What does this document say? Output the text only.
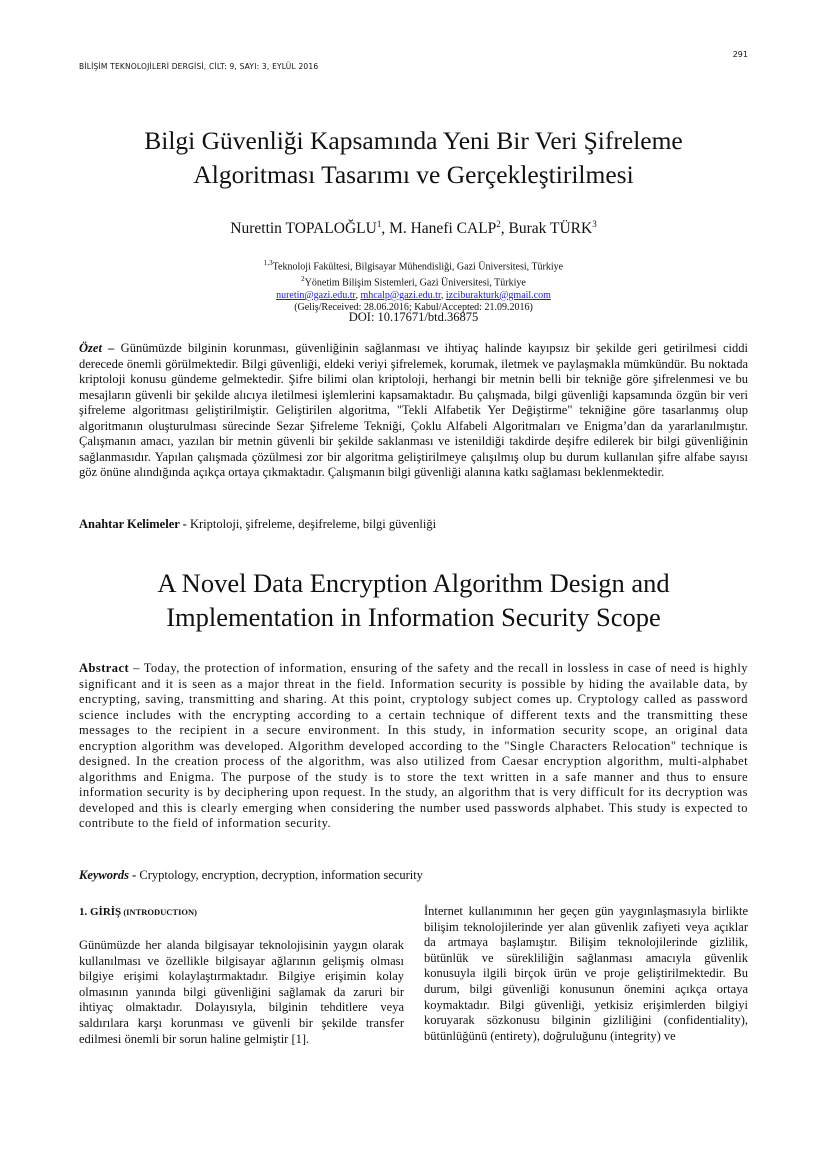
BİLİŞİM TEKNOLOJİLERİ DERGİSİ, CİLT: 9, SAYI: 3, EYLÜL 2016
291
Bilgi Güvenliği Kapsamında Yeni Bir Veri Şifreleme
Algoritması Tasarımı ve Gerçekleştirilmesi
Nurettin TOPALOĞLU$^1$, M. Hanefi CALP$^2$, Burak TÜRK$^3$
$^{1,3}$Teknoloji Fakültesi, Bilgisayar Mühendisliği, Gazi Üniversitesi, Türkiye
$^2$Yönetim Bilişim Sistemleri, Gazi Üniversitesi, Türkiye
nuretin@gazi.edu.tr, mhcalp@gazi.edu.tr, izciburakturk@gmail.com
(Geliş/Received: 28.06.2016; Kabul/Accepted: 21.09.2016)
DOI: 10.17671/btd.36875
Özet – Günümüzde bilginin korunması, güvenliğinin sağlanması ve ihtiyaç halinde kayıpsız bir şekilde geri getirilmesi ciddi derecede önemli görülmektedir. Bilgi güvenliği, eldeki veriyi şifrelemek, korumak, iletmek ve paylaşmakla mümkündür. Bu noktada kriptoloji konusu gündeme gelmektedir. Şifre bilimi olan kriptoloji, herhangi bir metnin belli bir tekniğe göre şifrelenmesi ve bu mesajların güvenli bir şekilde alıcıya iletilmesi işlemlerini kapsamaktadır. Bu çalışmada, bilgi güvenliği kapsamında özgün bir veri şifreleme algoritması geliştirilmiştir. Geliştirilen algoritma, "Tekli Alfabetik Yer Değiştirme" tekniğine göre tasarlanmış olup algoritmanın oluşturulması sürecinde Sezar Şifreleme Tekniği, Çoklu Alfabeli Algoritmaları ve Enigma’dan da yararlanılmıştır. Çalışmanın amacı, yazılan bir metnin güvenli bir şekilde saklanması ve istenildiği takdirde deşifre edilerek bir bilgi güvenliğinin sağlanmasıdır. Yapılan çalışmada çözülmesi zor bir algoritma geliştirilmeye çalışılmış olup bu durum kullanılan şifre alfabe sayısı göz önüne alındığında açıkça ortaya çıkmaktadır. Çalışmanın bilgi güvenliği alanına katkı sağlaması beklenmektedir.
Anahtar Kelimeler - Kriptoloji, şifreleme, deşifreleme, bilgi güvenliği
A Novel Data Encryption Algorithm Design and
Implementation in Information Security Scope
Abstract – Today, the protection of information, ensuring of the safety and the recall in lossless in case of need is highly significant and it is seen as a major threat in the field. Information security is possible by hiding the available data, by encrypting, saving, transmitting and sharing. At this point, cryptology subject comes up. Cryptology called as password science includes with the encrypting according to a certain technique of different texts and the transmitting these messages to the recipient in a secure environment. In this study, in information security scope, an original data encryption algorithm was developed. Algorithm developed according to the "Single Characters Relocation" technique is designed. In the creation process of the algorithm, was also utilized from Caesar encryption algorithm, multi-alphabet algorithms and Enigma. The purpose of the study is to store the text written in a safe manner and thus to ensure information security is by deciphering upon request. In the study, an algorithm that is very difficult for its decryption was developed and this is clearly emerging when considering the number used passwords alphabet. This study is expected to contribute to the field of information security.
Keywords - Cryptology, encryption, decryption, information security
1. GİRİŞ (INTRODUCTION)
Günümüzde her alanda bilgisayar teknolojisinin yaygın olarak kullanılması ve özellikle bilgisayar ağlarının gelişmiş olması bilgiye erişimi kolaylaştırmaktadır. Bilgiye erişimin kolay olmasının yanında bilgi güvenliğini sağlamak da zaruri bir ihtiyaç olmaktadır. Dolayısıyla, bilginin tehditlere veya saldırılara karşı korunması ve güvenli bir şekilde transfer edilmesi önemli bir sorun haline gelmiştir [1].
İnternet kullanımının her geçen gün yaygınlaşmasıyla birlikte bilişim teknolojilerinde yer alan güvenlik zafiyeti veya açıklar da artmaya başlamıştır. Bilişim teknolojilerinde gizlilik, bütünlük ve sürekliliğin sağlanması amacıyla güvenlik konusuyla ilgili birçok ürün ve proje geliştirilmektedir. Bu durum, bilgi güvenliği konusunun önemini açıkça ortaya koymaktadır. Bilgi güvenliği, yetkisiz erişimlerden bilgiyi koruyarak sözkonusu bilginin gizliliğini (confidentiality), bütünlüğünü (entirety), doğruluğunu (integrity) ve
